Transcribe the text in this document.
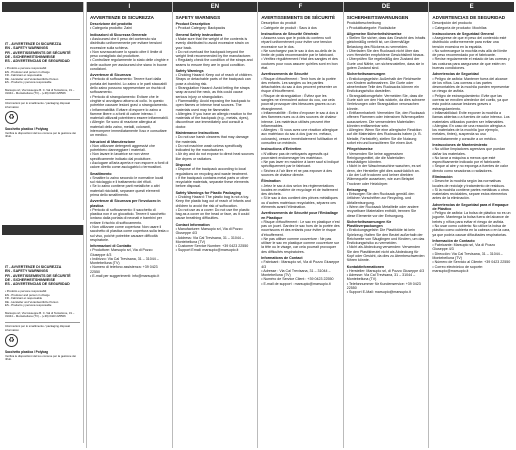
IT - AVVERTENZE DI SICUREZZA
EN - SAFETY WARNINGS
FR - AVERTISSEMENTS DE SÉCURITÉ
DE - SICHERHEITSHINWEISE
ES - ADVERTENCIAS DE SEGURIDAD
• Prodotto e persone responsabili
EN - Producer and person in charge
FR - Fabricant et responsable
DE - Hersteller und Verantwortliche Person
ES - Producto y persona responsable
Marsupio srl, Via Giuseppe B. C. Val di Tentazione, 31 – 31044 – Montebelluna (TV) – (+39) 0423 225506
Informazioni per lo smaltimento / packaging disposal information
♻
Sacchetto plastica / Polybag
Verifica le disposizioni del tuo comune per la gestione dei rifiuti.
IT - AVVERTENZE DI SICUREZZA
EN - SAFETY WARNINGS
FR - AVERTISSEMENTS DE SÉCURITÉ
DE - SICHERHEITSHINWEISE
ES - ADVERTENCIAS DE SEGURIDAD
• Prodotto e persone responsabili
EN - Producer and person in charge
FR - Fabricant et responsable
DE - Hersteller und Verantwortliche Person
ES - Producto y persona responsable
Marsupio srl, Via Giuseppe B. C. Val di Tentazione, 31 – 31044 – Montebelluna (TV) – (+39) 0423 225506
Informazioni per lo smaltimento / packaging disposal information
♻
Sacchetto plastica / Polybag
Verifica le disposizioni del tuo comune per la gestione dei rifiuti.
I
AVVERTENZE DI SICUREZZA
Descrizione del prodotto

• Categoria prodotto: Zaini

Indicazioni di Sicurezza Generale

• Assicurarsi che il peso del contenuto sia distribuito uniformemente per evitare tensioni eccessive sulla schiena.

• Non sovraccaricare lo spazio oltre il limite di peso consigliato dal produttore.

• Controllare regolarmente lo stato delle cinghie e delle cuciture per assicurarsi che siano in buone condizioni.

Avvertenze di Sicurezza

• Pericolo di soffocamento: Tenere fuori dalla portata dei bambini. Lo zaino o le parti staccabili dello zaino possono rappresentare un rischio di soffocamento.

• Pericolo di strangolamento: Evitare che le cinghie si avvolgano attorno al collo. In questo potrebbe causare lesioni gravi o strangolamento.

• Infiammabilità: Evitare di esporre lo zaino a fiamme libere o a fonti di calore intenso. I materiali utilizzati potrebbero essere infiammabili.

• Allergie: Se sono di reazione allergica ai materiali dello zaino, metalli, coloranti, interrompere immediatamente l'uso e consultare un medico.

Istruzioni di Manutenzione

• Non utilizzare detergenti aggressivi che potrebbero danneggiare i materiali.

• Non lavare in lavatrice se non viene specificamente indicato dal produttore.

• Asciugare all'aria aperta e non esporre a fonti di calore diretto come asciugatrici o termosifoni.

Smaltimento

• Smaltire lo zaino secondo le normative locali sul riciclaggio e il trattamento dei rifiuti.

• Se lo zaino contiene parti metalliche o altri materiali riciclabili, separare questi elementi prima dello smaltimento.

Avvertenze di Sicurezza per l'involucro in plastica

• Pericolo di soffocamento: Il sacchetto di plastica non è un giocattolo. Tenere il sacchetto lontano dalla portata di neonati e bambini per evitare il rischio di soffocamento.

• Non utilizzare come copertura: Non usare il sacchetto di plastica come copertura sulla testa o sul viso, poiché potrebbe causare difficoltà respiratorie.

Informazioni di Contatto

• Produttore: Marsupio srl, Via di Pozzo Giuseppe 4/3

• Indirizzo: Via Cal Trevisana, 31 – 31044 – Montebelluna (TV)

• Numero di telefono assistenza: +39 0423 22550

• E-mail per suggerimenti: info@marsupio.it

EN
SAFETY WARNINGS
Product Description

• Product Category: Backpacks

General Safety Instructions

• Make sure that the weight of the contents is evenly distributed to avoid excessive strain on your back.

• Do not overload the backpack beyond the weight limit recommended by the manufacturer.

• Regularly check the condition of the straps and seams to ensure they are in good condition.

Safety Warnings

• Choking Hazard: Keep out of reach of children. Straps or detachable parts of the backpack can pose a choking risk.

• Strangulation Hazard: Avoid letting the straps wrap around the neck, as this could cause serious injury or strangulation.

• Flammability: Avoid exposing the backpack to open flames or intense heat sources. The materials used may be flammable.

• Allergies: If you have an allergic reaction to the materials of the backpack (e.g., metals, dyes), discontinue use immediately and consult a doctor.

Maintenance Instructions

• Do not use harsh cleaners that may damage the materials.

• Do not machine wash unless specifically indicated by the manufacturer.

• Air dry and do not expose to direct heat sources like dryers or radiators.

Disposal

• Dispose of the backpack according to local regulations on recycling and waste treatment.

• If the backpack contains metal parts or other recyclable materials, separate these elements before disposal.

Safety Warnings for Plastic Packaging

• Choking Hazard: The plastic bag is not a toy. Keep the plastic bag out of reach of infants and children to avoid the risk of suffocation.

• Do not use as a cover: Do not use the plastic bag as a cover on the head or face, as it could cause breathing difficulties.

Contact Information

• Manufacturer: Marsupio srl, Via di Pozzo Giuseppe 4/3

• Address: Via Cal Trevisana, 31 – 31044 – Montebelluna (TV)

• Customer Service Number: +39 0423 22550

• Support Email: marsupio@marsupio.it

F
AVERTISSEMENTS DE SÉCURITÉ

Description du produit

• Catégorie de produit : Sacs à dos

Instructions de Sécurité Générale

• Assurez-vous que le poids du contenu soit réparti uniformément pour éviter une tension excessive sur le dos.

• Ne surchargez pas le sac à dos au-delà de la limite de poids recommandée par le fabricant.

• Vérifiez régulièrement l'état des sangles et des coutures pour vous assurer qu'elles sont en bon état.

Avertissements de Sécurité

• Risque d'étouffement : Tenir hors de la portée des enfants. Les sangles ou les parties détachables du sac à dos peuvent présenter un risque d'étouffement.

• Risque de strangulation : Évitez que les sangles ne s'enroulent autour du cou, car cela pourrait provoquer des blessures graves ou un étranglement.

• Inflammabilité : Évitez d'exposer le sac à dos à des flammes nues ou à des sources de chaleur intense. Les matériaux utilisés peuvent être inflammables.

• Allergies : Si vous avez une réaction allergique aux matériaux du sac à dos (par ex. métaux, colorants), cessez immédiatement l'utilisation et consultez un médecin.

Instructions d'Entretien

• N'utilisez pas de nettoyants agressifs qui pourraient endommager les matériaux.

• Ne pas laver en machine à laver sauf si indiqué spécifiquement par le fabricant.

• Séchez à l'air libre et ne pas exposer à des sources de chaleur directe.

Élimination

• Jetez le sac à dos selon les réglementations locales en matière de recyclage et de traitement des déchets.

• Si le sac à dos contient des pièces métalliques ou d'autres matériaux recyclables, séparez ces éléments avant l'élimination.

Avertissements de Sécurité pour l'Emballage en Plastique

• Risque d'étouffement : Le sac en plastique n'est pas un jouet. Gardez le sac hors de la portée des nourrissons et des enfants pour éviter le risque d'étouffement.

• Ne pas utiliser comme couverture : Ne pas utiliser le sac en plastique comme couverture sur la tête ou le visage, car cela pourrait provoquer des difficultés respiratoires.

Informations de Contact

• Fabricant : Marsupio srl, Via di Pozzo Giuseppe 4/3

• Adresse : Via Cal Trevisana, 31 – 31044 – Montebelluna (TV)

• Numéro de Service Client : +39 0423 22550

• E-mail de support : marsupio@marsupio.it

DE
SICHERHEITSWARNUNGEN

Produktbeschreibung

• Produktkategorie: Rucksäcke

Allgemeine Sicherheitshinweise

• Stellen Sie sicher, dass das Gewicht des Inhalts gleichmäßig verteilt ist, um übermäßige Belastung des Rückens zu vermeiden.

• Überladen Sie den Rucksack nicht über das vom Hersteller empfohlene Gewichtslimit hinaus.

• Überprüfen Sie regelmäßig den Zustand der Gurte und Nähte, um sicherzustellen, dass sie in gutem Zustand sind.

Sicherheitswarnungen

• Erstickungsgefahr: Außerhalb der Reichweite von Kindern aufbewahren. Die Gurte oder abnehmbare Teile des Rucksacks können ein Erstickungsrisiko darstellen.

• Strangulationsgefahr: Vermeiden Sie, dass die Gurte sich um den Hals wickeln, da dies schwere Verletzungen oder Strangulation verursachen könnte.

• Entflammbarkeit: Vermeiden Sie, den Rucksack offenen Flammen oder intensiven Wärmequellen auszusetzen. Die verwendeten Materialien könnten entflammbar sein.

• Allergien: Wenn Sie eine allergische Reaktion auf die Materialien des Rucksacks haben (z. B. Metalle, Farbstoffe), stellen Sie die Nutzung sofort ein und konsultieren Sie einen Arzt.

Pflegehinweise

• Verwenden Sie keine aggressiven Reinigungsmittel, die die Materialien beschädigen könnten.

• Nicht in der Waschmaschine waschen, es sei denn, der Hersteller gibt dies ausdrücklich an.

• An der Luft trocknen und keiner direkten Wärmequelle aussetzen, wie zum Beispiel Trockner oder Heizkörper.

Entsorgung

• Entsorgen Sie den Rucksack gemäß den örtlichen Vorschriften zur Recycling- und Abfallentsorgung.

• Wenn der Rucksack Metallteile oder andere recycelbare Materialien enthält, trennen Sie diese Elemente vor der Entsorgung.

Sicherheitswarnungen für Plastikverpackungen

• Erstickungsgefahr: Die Plastiktüte ist kein Spielzeug. Halten Sie den Beutel außerhalb der Reichweite von Säuglingen und Kindern, um das Erstickungsrisiko zu vermeiden.

• Nicht als Abdeckung verwenden: Verwenden Sie den Plastikbeutel nicht als Abdeckung für Kopf oder Gesicht, da dies zu Atembeschwerden führen könnte.

Kontaktinformationen

• Hersteller: Marsupio srl, di Pozzo Giuseppe 4/3

• Adresse: Via Cal Trevisana, 31 – 31044 – Montebelluna (TV)

• Telefonnummer für Kundenservice: +39 0423 22550

• Support E-Mail: marsupio@marsupio.it

E
ADVERTENCIAS DE SEGURIDAD

Descripción del producto

• Categoría de producto: Mochilas

Instrucciones de Seguridad General

• Asegúrese de que el peso del contenido esté distribuido uniformemente para evitar una tensión excesiva en la espalda.

• No sobrecargue la mochila más allá del límite de peso recomendado por el fabricante.

• Revise regularmente el estado de las correas y las costuras para asegurarse de que estén en buenas condiciones.

Advertencias de Seguridad

• Peligro de asfixia: Mantener fuera del alcance de los niños. Las correas o las partes desmontables de la mochila pueden representar un riesgo de asfixia.

• Peligro de estrangulamiento: Evite que las correas se enrollen alrededor del cuello, ya que esto podría causar lesiones graves o estrangulamiento.

• Inflamabilidad: Evite exponer la mochila a llamas abiertas o a fuentes de calor intenso. Los materiales utilizados pueden ser inflamables.

• Alergias: En caso de una reacción alérgica a los materiales de la mochila (por ejemplo, metales, tintes), suspenda su uso inmediatamente y consulte a un médico.

Instrucciones de Mantenimiento

• No utilice limpiadores agresivos que puedan dañar los materiales.

• No lavar a máquina a menos que esté específicamente indicado por el fabricante.

• Seque al aire y no exponga a fuentes de calor directo como secadoras o radiadores.

Eliminación

• Deseche la mochila según las normativas locales de reciclaje y tratamiento de residuos.

• Si la mochila contiene partes metálicas u otros materiales reciclables, separe estos elementos antes de la eliminación.

Advertencias de Seguridad para el Empaque de Plástico

• Peligro de asfixia: La bolsa de plástico no es un juguete. Mantenga la bolsa fuera del alcance de bebés y niños para evitar el riesgo de asfixia.

• No usar como cubierta: No utilice la bolsa de plástico como cubierta en la cabeza o en la cara, ya que podría causar dificultades respiratorias.

Información de Contacto

• Fabricante: Marsupio srl, Via di Pozzo Giuseppe 4/3

• Dirección: Via Cal Trevisana, 31 – 31044 – Montebelluna (TV)

• Número de Servicio al Cliente: +39 0423 22550

• Correo electrónico de soporte: marsupio@marsupio.it
